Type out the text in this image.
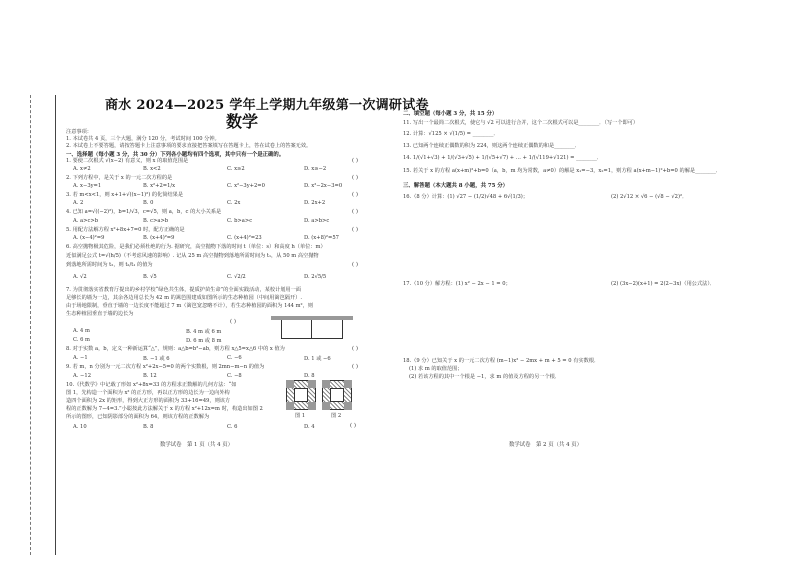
商水 2024—2025 学年上学期九年级第一次调研试卷
数学
注意事项：
1. 本试卷共 4 页，三个大题，满分 120 分，考试时间 100 分钟。
2. 本试卷上不要答题，请按答题卡上注意事项的要求直接把答案填写在答题卡上，答在试卷上的答案无效。
一、选择题（每小题 3 分，共 30 分）下列各小题均有四个选项，其中只有一个是正确的。
1. 要使二次根式 √(x−2) 有意义，则 x 的取值范围是	( )
A. x≠2	B. x<2	C. x≥2	D. x≥−2
2. 下列方程中，是关于 x 的一元二次方程的是	( )
A. x−3y=1	B. x²+2=1/x	C. x²−3y+2=0	D. x²−2x−3=0
3. 若 m<x<1，则 x+1+√((x−1)²) 的化简结果是	( )
A. 2	B. 0	C. 2x	D. 2x+2
4. 已知 a=√((−2)²)，b=1/√3，c=√5，则 a，b，c 的大小关系是	( )
A. a>c>b	B. c>a>b	C. b>a>c	D. a>b>c
5. 用配方法解方程 x²+8x+7=0 时，配方正确的是	( )
A. (x−4)²=9	B. (x+4)²=9	C. (x+4)²=23	D. (x+8)²=57
6. 高空抛物极其危险，是我们必须杜绝的行为. 据研究，高空抛物下落的时间 t（单位：s）和高度 h（单位：m）
近似满足公式 t=√(h/5)（不考虑风速的影响）. 记从 25 m 高空抛物到落地所需时间为 t₁，从 50 m 高空抛物
到落地所需时间为 t₂，则 t₂/t₁ 的值为	( )
A. √2	B. √5	C. √2/2	D. 2√5/5
7. 为贯彻落实省教育厅提出的乡村学校“绿色共生体，提质护苗生命”的全面实践活动，某校计划用一面
足够长的墙为一边，其余各边用总长为 42 m 的篱笆围建成如图所示的生态种植园（中间用篱笆隔开）.
由于场地限制，垂直于墙的一边长度不能超过 7 m（篱笆宽忽略不计），若生态种植园的面积为 144 m²，则
生态种植园垂直于墙的边长为
( )
A. 4 m	B. 4 m 或 6 m
C. 6 m	D. 6 m 或 8 m
8. 对于实数 a，b，定义一种新运算“△”，规则：a△b=b²−ab，则方程 x△5=x△6 中的 x 值为	( )
A. −1	B. −1 或 6	C. −6	D. 1 或 −6
9. 若 m，n 分别为一元二次方程 x²+2x−5=0 的两个实数根，则 2mn−m−n 的值为	( )
A. −12	B. 12	C. −8	D. 8
10.《代数学》中记载了形如 x²+8x=33 的方程求正数解的几何方法：“如
图 1，先构造一个面积为 x² 的正方形，再以正方形的边长为一边向外构
造四个面积为 2x 的矩形，得到大正方形的面积为 33+16=49，则该方
程的正数解为 7−4=3.”小聪按此方法解关于 x 的方程 x²+12x=m 时，构造出如图 2
所示的图形，已知阴影部分的面积为 64，则该方程的正数解为
( )
A. 10	B. 8	C. 6	D. 4
图 1	图 2
数学试卷　第 1 页（共 4 页）
二、填空题（每小题 3 分，共 15 分）
11. 写出一个最简二次根式，使它与 √2 可以进行合并，这个二次根式可以是________．（写一个即可）
12. 计算：√125 × √(1/5) = ________．
13. 已知两个连续正偶数的积为 224，则这两个连续正偶数的和是________．
14. 1/(√1+√3) + 1/(√3+√5) + 1/(√5+√7) + … + 1/(√119+√121) = ________．
15. 若关于 x 的方程 a(x+m)²+b=0（a，b，m 均为常数，a≠0）的解是 x₁=−3，x₂=1，则方程 a(x+m−1)²+b=0 的解是________．
三、解答题（本大题共 8 小题，共 75 分）
16.（8 分）计算：(1) √27 − (1/2)√48 + 6√(1/3)；	(2) 2√12 × √6 − (√8 − √2)²．
17.（10 分）解方程：(1) x² − 2x − 1 = 0；	(2) (3x−2)(x+1) = 2(2−3x)（用公式法）．
18.（9 分）已知关于 x 的一元二次方程 (m−1)x² − 2mx + m + 5 = 0 有实数根．
(1) 求 m 的取值范围；
(2) 若该方程的其中一个根是 −1，求 m 的值及方程的另一个根．
数学试卷　第 2 页（共 4 页）
